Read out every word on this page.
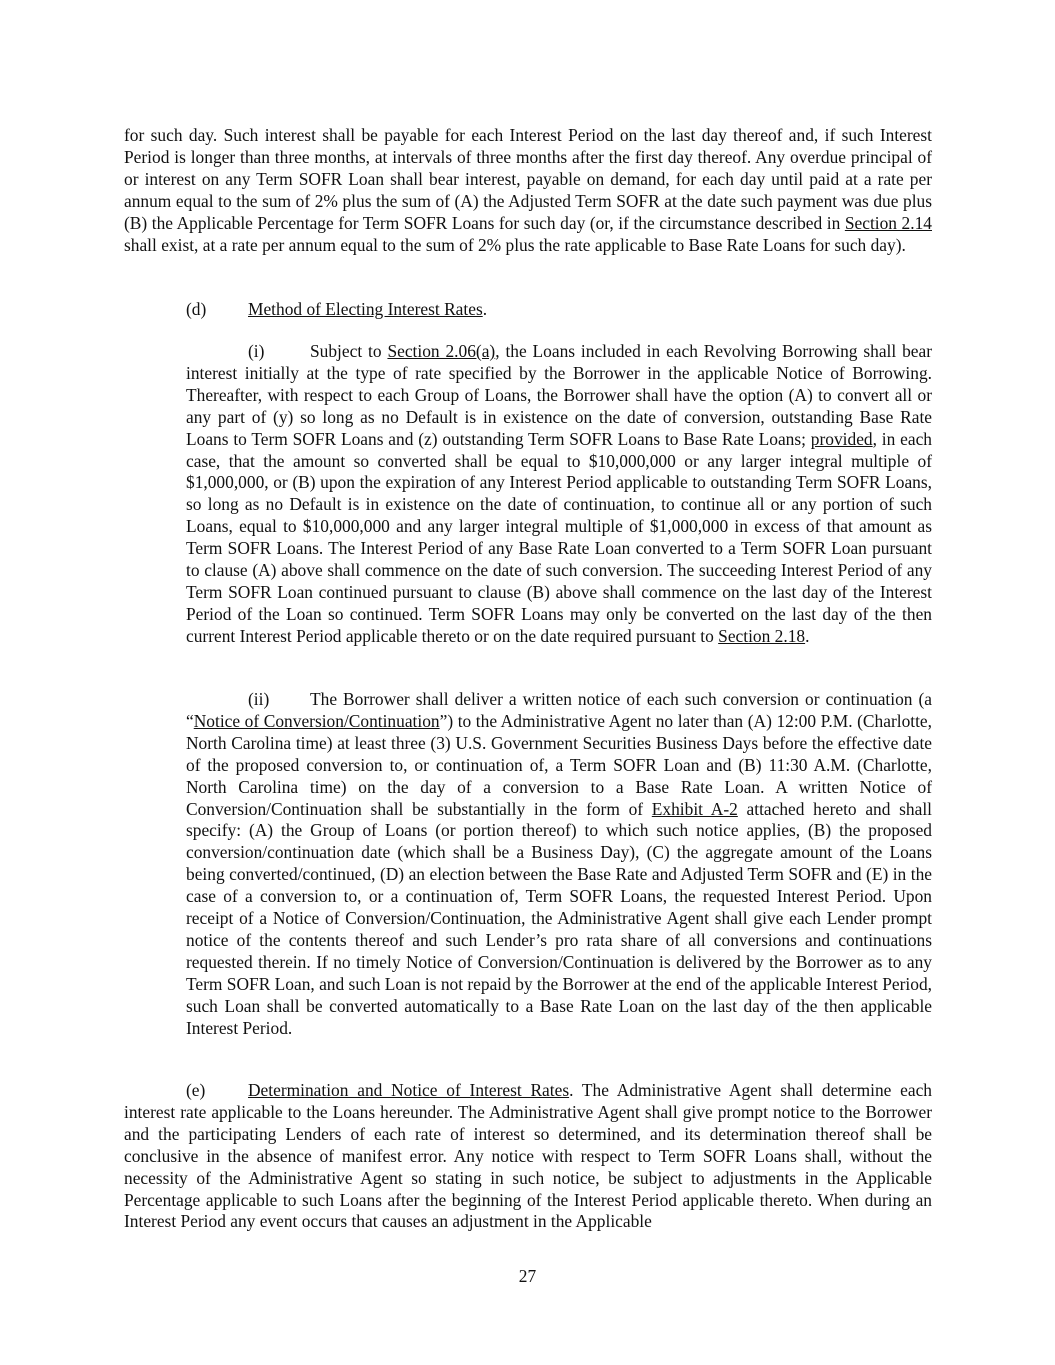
for such day. Such interest shall be payable for each Interest Period on the last day thereof and, if such Interest Period is longer than three months, at intervals of three months after the first day thereof. Any overdue principal of or interest on any Term SOFR Loan shall bear interest, payable on demand, for each day until paid at a rate per annum equal to the sum of 2% plus the sum of (A) the Adjusted Term SOFR at the date such payment was due plus (B) the Applicable Percentage for Term SOFR Loans for such day (or, if the circumstance described in Section 2.14 shall exist, at a rate per annum equal to the sum of 2% plus the rate applicable to Base Rate Loans for such day).

(d) Method of Electing Interest Rates.

(i)	Subject to Section 2.06(a), the Loans included in each Revolving Borrowing shall bear interest initially at the type of rate specified by the Borrower in the applicable Notice of Borrowing. Thereafter, with respect to each Group of Loans, the Borrower shall have the option (A) to convert all or any part of (y) so long as no Default is in existence on the date of conversion, outstanding Base Rate Loans to Term SOFR Loans and (z) outstanding Term SOFR Loans to Base Rate Loans; provided, in each case, that the amount so converted shall be equal to $10,000,000 or any larger integral multiple of $1,000,000, or (B) upon the expiration of any Interest Period applicable to outstanding Term SOFR Loans, so long as no Default is in existence on the date of continuation, to continue all or any portion of such Loans, equal to $10,000,000 and any larger integral multiple of $1,000,000 in excess of that amount as Term SOFR Loans. The Interest Period of any Base Rate Loan converted to a Term SOFR Loan pursuant to clause (A) above shall commence on the date of such conversion. The succeeding Interest Period of any Term SOFR Loan continued pursuant to clause (B) above shall commence on the last day of the Interest Period of the Loan so continued. Term SOFR Loans may only be converted on the last day of the then current Interest Period applicable thereto or on the date required pursuant to Section 2.18.

(ii) The Borrower shall deliver a written notice of each such conversion or continuation (a “Notice of Conversion/Continuation”) to the Administrative Agent no later than (A) 12:00 P.M. (Charlotte, North Carolina time) at least three (3) U.S. Government Securities Business Days before the effective date of the proposed conversion to, or continuation of, a Term SOFR Loan and (B) 11:30 A.M. (Charlotte, North Carolina time) on the day of a conversion to a Base Rate Loan. A written Notice of Conversion/Continuation shall be substantially in the form of Exhibit A-2 attached hereto and shall specify: (A) the Group of Loans (or portion thereof) to which such notice applies, (B) the proposed conversion/continuation date (which shall be a Business Day), (C) the aggregate amount of the Loans being converted/continued, (D) an election between the Base Rate and Adjusted Term SOFR and (E) in the case of a conversion to, or a continuation of, Term SOFR Loans, the requested Interest Period. Upon receipt of a Notice of Conversion/Continuation, the Administrative Agent shall give each Lender prompt notice of the contents thereof and such Lender’s pro rata share of all conversions and continuations requested therein. If no timely Notice of Conversion/Continuation is delivered by the Borrower as to any Term SOFR Loan, and such Loan is not repaid by the Borrower at the end of the applicable Interest Period, such Loan shall be converted automatically to a Base Rate Loan on the last day of the then applicable Interest Period.

(e) Determination and Notice of Interest Rates. The Administrative Agent shall determine each interest rate applicable to the Loans hereunder. The Administrative Agent shall give prompt notice to the Borrower and the participating Lenders of each rate of interest so determined, and its determination thereof shall be conclusive in the absence of manifest error. Any notice with respect to Term SOFR Loans shall, without the necessity of the Administrative Agent so stating in such notice, be subject to adjustments in the Applicable Percentage applicable to such Loans after the beginning of the Interest Period applicable thereto. When during an Interest Period any event occurs that causes an adjustment in the Applicable

27
